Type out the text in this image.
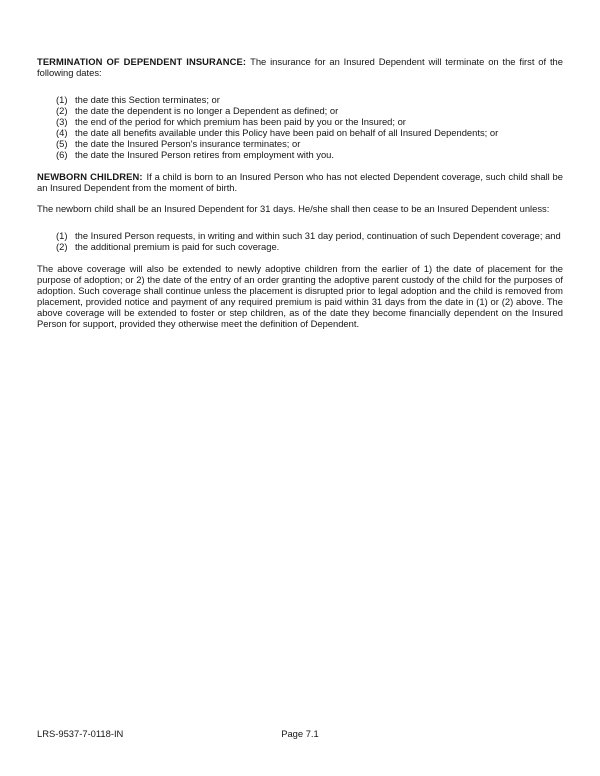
TERMINATION OF DEPENDENT INSURANCE: The insurance for an Insured Dependent will terminate on the first of the following dates:

(1) the date this Section terminates; or
(2) the date the dependent is no longer a Dependent as defined; or
(3) the end of the period for which premium has been paid by you or the Insured; or
(4) the date all benefits available under this Policy have been paid on behalf of all Insured Dependents; or
(5) the date the Insured Person's insurance terminates; or
(6) the date the Insured Person retires from employment with you.

NEWBORN CHILDREN: If a child is born to an Insured Person who has not elected Dependent coverage, such child shall be an Insured Dependent from the moment of birth.

The newborn child shall be an Insured Dependent for 31 days. He/she shall then cease to be an Insured Dependent unless:

(1) the Insured Person requests, in writing and within such 31 day period, continuation of such Dependent coverage; and
(2) the additional premium is paid for such coverage.

The above coverage will also be extended to newly adoptive children from the earlier of 1) the date of placement for the purpose of adoption; or 2) the date of the entry of an order granting the adoptive parent custody of the child for the purposes of adoption. Such coverage shall continue unless the placement is disrupted prior to legal adoption and the child is removed from placement, provided notice and payment of any required premium is paid within 31 days from the date in (1) or (2) above. The above coverage will be extended to foster or step children, as of the date they become financially dependent on the Insured Person for support, provided they otherwise meet the definition of Dependent.

Page 7.1
LRS-9537-7-0118-IN
